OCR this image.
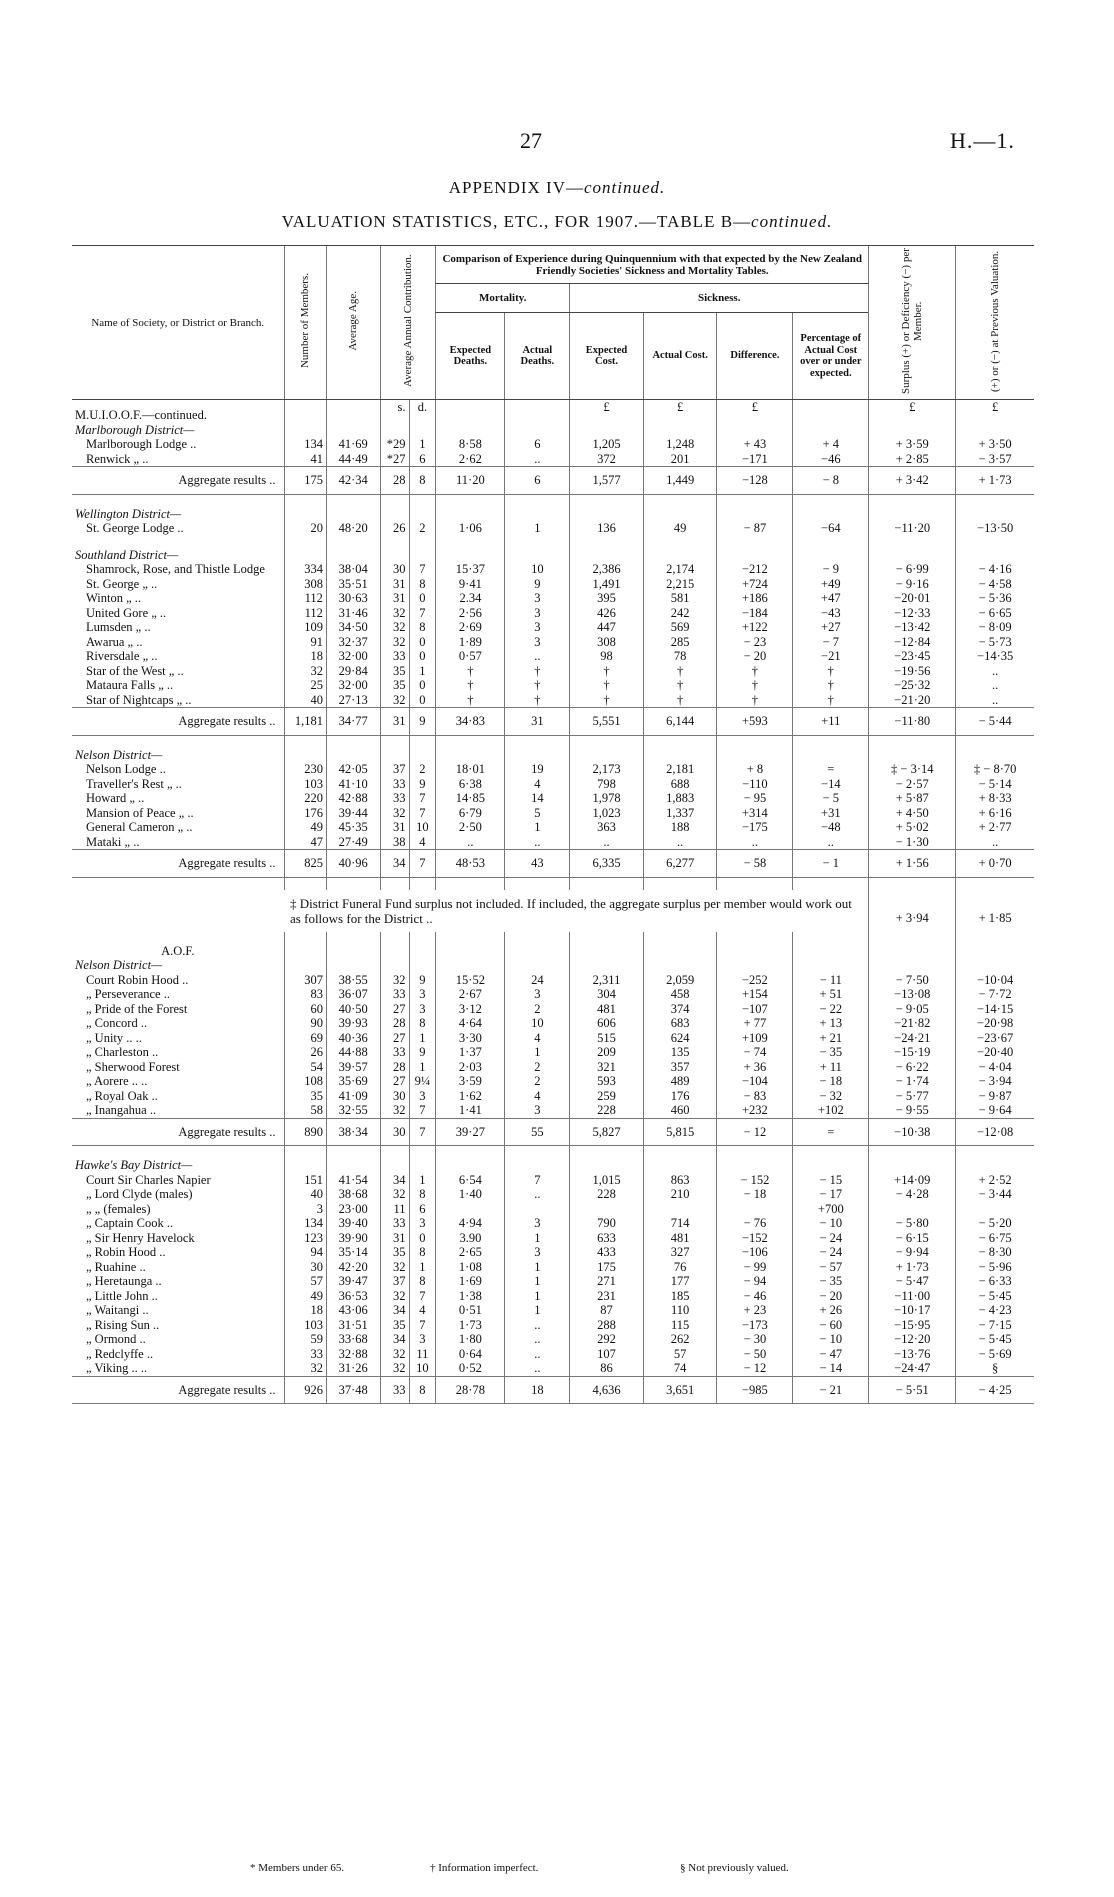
27	H.—1.
APPENDIX IV—continued.
VALUATION STATISTICS, ETC., FOR 1907.—TABLE B—continued.
Name of Society, or District or Branch.	Number of Members.	Average Age.	Average Annual Contribution.		Comparison of Experience during Quinquennium with that expected by the New Zealand Friendly Societies' Sickness and Mortality Tables.						Surplus (+) or Deficiency (−) per Member.	(+) or (−) at Previous Valuation.
					Mortality.		Sickness.					
					Expected Deaths.	Actual Deaths.	Expected Cost.	Actual Cost.	Difference.	Percentage of Actual Cost over or under expected.		
M.U.I.O.O.F.—continued.			s.	d.			£	£	£		£	£
Marlborough District—												
Marlborough Lodge ..	134	41·69	*29	1	8·58	6	1,205	1,248	+ 43	+ 4	+ 3·59	+ 3·50
Renwick „ ..	41	44·49	*27	6	2·62	..	372	201	−171	−46	+ 2·85	− 3·57
Aggregate results ..	175	42·34	28	8	11·20	6	1,577	1,449	−128	− 8	+ 3·42	+ 1·73

Wellington District—												
St. George Lodge ..	20	48·20	26	2	1·06	1	136	49	− 87	−64	−11·20	−13·50

Southland District—												
Shamrock, Rose, and Thistle Lodge	334	38·04	30	7	15·37	10	2,386	2,174	−212	− 9	− 6·99	− 4·16
St. George „ ..	308	35·51	31	8	9·41	9	1,491	2,215	+724	+49	− 9·16	− 4·58
Winton „ ..	112	30·63	31	0	2.34	3	395	581	+186	+47	−20·01	− 5·36
United Gore „ ..	112	31·46	32	7	2·56	3	426	242	−184	−43	−12·33	− 6·65
Lumsden „ ..	109	34·50	32	8	2·69	3	447	569	+122	+27	−13·42	− 8·09
Awarua „ ..	91	32·37	32	0	1·89	3	308	285	− 23	− 7	−12·84	− 5·73
Riversdale „ ..	18	32·00	33	0	0·57	..	98	78	− 20	−21	−23·45	−14·35
Star of the West „ ..	32	29·84	35	1	†	†	†	†	†	†	−19·56	..
Mataura Falls „ ..	25	32·00	35	0	†	†	†	†	†	†	−25·32	..
Star of Nightcaps „ ..	40	27·13	32	0	†	†	†	†	†	†	−21·20	..
Aggregate results ..	1,181	34·77	31	9	34·83	31	5,551	6,144	+593	+11	−11·80	− 5·44

Nelson District—												
Nelson Lodge ..	230	42·05	37	2	18·01	19	2,173	2,181	+ 8	=	‡ − 3·14	‡ − 8·70
Traveller's Rest „ ..	103	41·10	33	9	6·38	4	798	688	−110	−14	− 2·57	− 5·14
Howard „ ..	220	42·88	33	7	14·85	14	1,978	1,883	− 95	− 5	+ 5·87	+ 8·33
Mansion of Peace „ ..	176	39·44	32	7	6·79	5	1,023	1,337	+314	+31	+ 4·50	+ 6·16
General Cameron „ ..	49	45·35	31	10	2·50	1	363	188	−175	−48	+ 5·02	+ 2·77
Mataki „ ..	47	27·49	38	4	..	..	..	..	..	..	− 1·30	..
Aggregate results ..	825	40·96	34	7	48·53	43	6,335	6,277	− 58	− 1	+ 1·56	+ 0·70

	‡ District Funeral Fund surplus not included. If included, the aggregate surplus per member would work out as follows for the District ..										+ 3·94	+ 1·85

A.O.F.												
Nelson District—												
Court Robin Hood ..	307	38·55	32	9	15·52	24	2,311	2,059	−252	− 11	− 7·50	−10·04
„ Perseverance ..	83	36·07	33	3	2·67	3	304	458	+154	+ 51	−13·08	− 7·72
„ Pride of the Forest	60	40·50	27	3	3·12	2	481	374	−107	− 22	− 9·05	−14·15
„ Concord ..	90	39·93	28	8	4·64	10	606	683	+ 77	+ 13	−21·82	−20·98
„ Unity .. ..	69	40·36	27	1	3·30	4	515	624	+109	+ 21	−24·21	−23·67
„ Charleston ..	26	44·88	33	9	1·37	1	209	135	− 74	− 35	−15·19	−20·40
„ Sherwood Forest	54	39·57	28	1	2·03	2	321	357	+ 36	+ 11	− 6·22	− 4·04
„ Aorere .. ..	108	35·69	27	9¼	3·59	2	593	489	−104	− 18	− 1·74	− 3·94
„ Royal Oak ..	35	41·09	30	3	1·62	4	259	176	− 83	− 32	− 5·77	− 9·87
„ Inangahua ..	58	32·55	32	7	1·41	3	228	460	+232	+102	− 9·55	− 9·64
Aggregate results ..	890	38·34	30	7	39·27	55	5,827	5,815	− 12	=	−10·38	−12·08

Hawke's Bay District—												
Court Sir Charles Napier	151	41·54	34	1	6·54	7	1,015	863	− 152	− 15	+14·09	+ 2·52
„ Lord Clyde (males)	40	38·68	32	8	1·40	..	228	210	− 18	− 17	− 4·28	− 3·44
„ „ (females)	3	23·00	11	6						+700		
„ Captain Cook ..	134	39·40	33	3	4·94	3	790	714	− 76	− 10	− 5·80	− 5·20
„ Sir Henry Havelock	123	39·90	31	0	3.90	1	633	481	−152	− 24	− 6·15	− 6·75
„ Robin Hood ..	94	35·14	35	8	2·65	3	433	327	−106	− 24	− 9·94	− 8·30
„ Ruahine ..	30	42·20	32	1	1·08	1	175	76	− 99	− 57	+ 1·73	− 5·96
„ Heretaunga ..	57	39·47	37	8	1·69	1	271	177	− 94	− 35	− 5·47	− 6·33
„ Little John ..	49	36·53	32	7	1·38	1	231	185	− 46	− 20	−11·00	− 5·45
„ Waitangi ..	18	43·06	34	4	0·51	1	87	110	+ 23	+ 26	−10·17	− 4·23
„ Rising Sun ..	103	31·51	35	7	1·73	..	288	115	−173	− 60	−15·95	− 7·15
„ Ormond ..	59	33·68	34	3	1·80	..	292	262	− 30	− 10	−12·20	− 5·45
„ Redclyffe ..	33	32·88	32	11	0·64	..	107	57	− 50	− 47	−13·76	− 5·69
„ Viking .. ..	32	31·26	32	10	0·52	..	86	74	− 12	− 14	−24·47	§
Aggregate results ..	926	37·48	33	8	28·78	18	4,636	3,651	−985	− 21	− 5·51	− 4·25
* Members under 65.	† Information imperfect.	§ Not previously valued.
